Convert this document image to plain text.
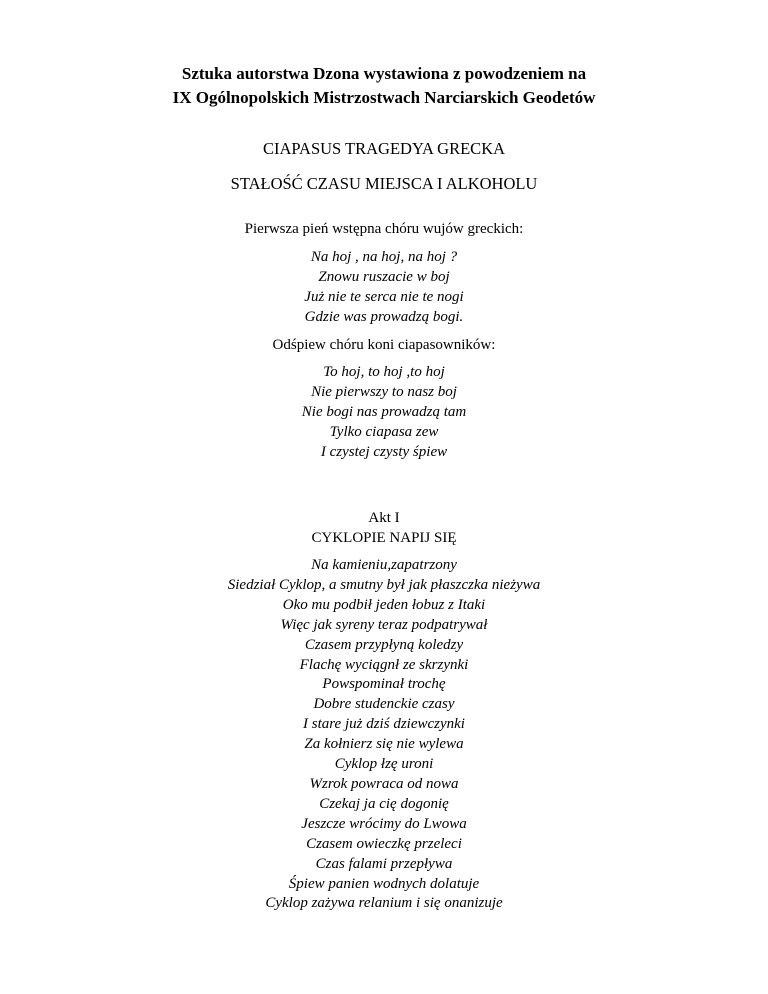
Sztuka autorstwa Dzona wystawiona z powodzeniem na
IX Ogólnopolskich Mistrzostwach Narciarskich Geodetów
CIAPASUS TRAGEDYA GRECKA
STAŁOŚĆ CZASU MIEJSCA I ALKOHOLU
Pierwsza pień wstępna chóru wujów greckich:
Na hoj , na hoj, na hoj ?
Znowu ruszacie w boj
Już nie te serca nie te nogi
Gdzie was prowadzą bogi.
Odśpiew chóru koni ciapasowników:
To hoj, to hoj ,to hoj
Nie pierwszy to nasz boj
Nie bogi nas prowadzą tam
Tylko ciapasa zew
I czystej czysty śpiew
Akt I
CYKLOPIE NAPIJ SIĘ
Na kamieniu,zapatrzony
Siedział Cyklop, a smutny był jak płaszczka nieżywa
Oko mu podbił jeden łobuz z Itaki
Więc jak syreny teraz podpatrywał
Czasem przypłyną koledzy
Flachę wyciągnł ze skrzynki
Powspominał trochę
Dobre studenckie czasy
I stare już dziś dziewczynki
Za kołnierz się nie wylewa
Cyklop łzę uroni
Wzrok powraca od nowa
Czekaj ja cię dogonię
Jeszcze wrócimy do Lwowa
Czasem owieczkę przeleci
Czas falami przepływa
Śpiew panien wodnych dolatuje
Cyklop zażywa relanium i się onanizuje
